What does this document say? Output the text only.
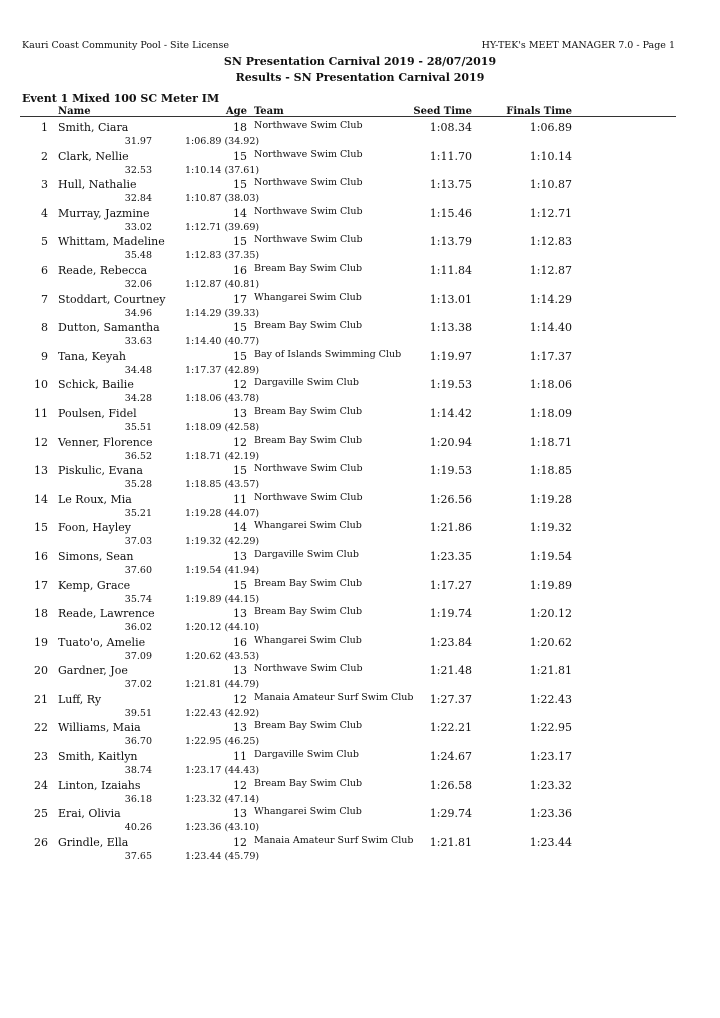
Kauri Coast Community Pool - Site License	HY-TEK's MEET MANAGER 7.0 - Page 1
SN Presentation Carnival 2019 - 28/07/2019
Results - SN Presentation Carnival 2019
Event 1 Mixed 100 SC Meter IM
Name	Age Team	Seed Time	Finals Time
1 Smith, Ciara	18 Northwave Swim Club	1:08.34	1:06.89
31.97	1:06.89 (34.92)
2 Clark, Nellie	15 Northwave Swim Club	1:11.70	1:10.14
32.53	1:10.14 (37.61)
3 Hull, Nathalie	15 Northwave Swim Club	1:13.75	1:10.87
32.84	1:10.87 (38.03)
4 Murray, Jazmine	14 Northwave Swim Club	1:15.46	1:12.71
33.02	1:12.71 (39.69)
5 Whittam, Madeline	15 Northwave Swim Club	1:13.79	1:12.83
35.48	1:12.83 (37.35)
6 Reade, Rebecca	16 Bream Bay Swim Club	1:11.84	1:12.87
32.06	1:12.87 (40.81)
7 Stoddart, Courtney	17 Whangarei Swim Club	1:13.01	1:14.29
34.96	1:14.29 (39.33)
8 Dutton, Samantha	15 Bream Bay Swim Club	1:13.38	1:14.40
33.63	1:14.40 (40.77)
9 Tana, Keyah	15 Bay of Islands Swimming Club	1:19.97	1:17.37
34.48	1:17.37 (42.89)
10 Schick, Bailie	12 Dargaville Swim Club	1:19.53	1:18.06
34.28	1:18.06 (43.78)
11 Poulsen, Fidel	13 Bream Bay Swim Club	1:14.42	1:18.09
35.51	1:18.09 (42.58)
12 Venner, Florence	12 Bream Bay Swim Club	1:20.94	1:18.71
36.52	1:18.71 (42.19)
13 Piskulic, Evana	15 Northwave Swim Club	1:19.53	1:18.85
35.28	1:18.85 (43.57)
14 Le Roux, Mia	11 Northwave Swim Club	1:26.56	1:19.28
35.21	1:19.28 (44.07)
15 Foon, Hayley	14 Whangarei Swim Club	1:21.86	1:19.32
37.03	1:19.32 (42.29)
16 Simons, Sean	13 Dargaville Swim Club	1:23.35	1:19.54
37.60	1:19.54 (41.94)
17 Kemp, Grace	15 Bream Bay Swim Club	1:17.27	1:19.89
35.74	1:19.89 (44.15)
18 Reade, Lawrence	13 Bream Bay Swim Club	1:19.74	1:20.12
36.02	1:20.12 (44.10)
19 Tuato'o, Amelie	16 Whangarei Swim Club	1:23.84	1:20.62
37.09	1:20.62 (43.53)
20 Gardner, Joe	13 Northwave Swim Club	1:21.48	1:21.81
37.02	1:21.81 (44.79)
21 Luff, Ry	12 Manaia Amateur Surf Swim Club	1:27.37	1:22.43
39.51	1:22.43 (42.92)
22 Williams, Maia	13 Bream Bay Swim Club	1:22.21	1:22.95
36.70	1:22.95 (46.25)
23 Smith, Kaitlyn	11 Dargaville Swim Club	1:24.67	1:23.17
38.74	1:23.17 (44.43)
24 Linton, Izaiahs	12 Bream Bay Swim Club	1:26.58	1:23.32
36.18	1:23.32 (47.14)
25 Erai, Olivia	13 Whangarei Swim Club	1:29.74	1:23.36
40.26	1:23.36 (43.10)
26 Grindle, Ella	12 Manaia Amateur Surf Swim Club	1:21.81	1:23.44
37.65	1:23.44 (45.79)
